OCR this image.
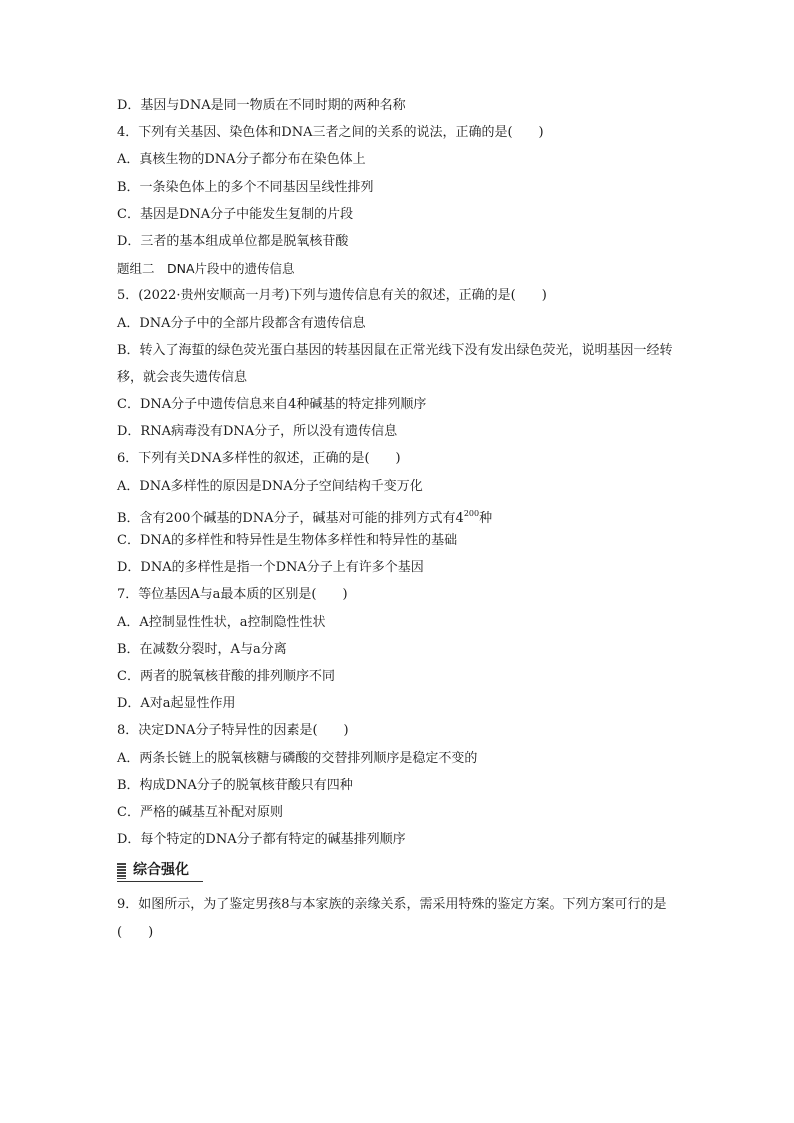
D．基因与DNA是同一物质在不同时期的两种名称
4．下列有关基因、染色体和DNA三者之间的关系的说法，正确的是(　　)
A．真核生物的DNA分子都分布在染色体上
B．一条染色体上的多个不同基因呈线性排列
C．基因是DNA分子中能发生复制的片段
D．三者的基本组成单位都是脱氧核苷酸
题组二　DNA片段中的遗传信息
5．(2022·贵州安顺高一月考)下列与遗传信息有关的叙述，正确的是(　　)
A．DNA分子中的全部片段都含有遗传信息
B．转入了海蜇的绿色荧光蛋白基因的转基因鼠在正常光线下没有发出绿色荧光，说明基因一经转移，就会丧失遗传信息
C．DNA分子中遗传信息来自4种碱基的特定排列顺序
D．RNA病毒没有DNA分子，所以没有遗传信息
6．下列有关DNA多样性的叙述，正确的是(　　)
A．DNA多样性的原因是DNA分子空间结构千变万化
B．含有200个碱基的DNA分子，碱基对可能的排列方式有$4^{200}$种
C．DNA的多样性和特异性是生物体多样性和特异性的基础
D．DNA的多样性是指一个DNA分子上有许多个基因
7．等位基因A与a最本质的区别是(　　)
A．A控制显性性状，a控制隐性性状
B．在减数分裂时，A与a分离
C．两者的脱氧核苷酸的排列顺序不同
D．A对a起显性作用
8．决定DNA分子特异性的因素是(　　)
A．两条长链上的脱氧核糖与磷酸的交替排列顺序是稳定不变的
B．构成DNA分子的脱氧核苷酸只有四种
C．严格的碱基互补配对原则
D．每个特定的DNA分子都有特定的碱基排列顺序
综合强化
9．如图所示，为了鉴定男孩8与本家族的亲缘关系，需采用特殊的鉴定方案。下列方案可行的是(　　)
